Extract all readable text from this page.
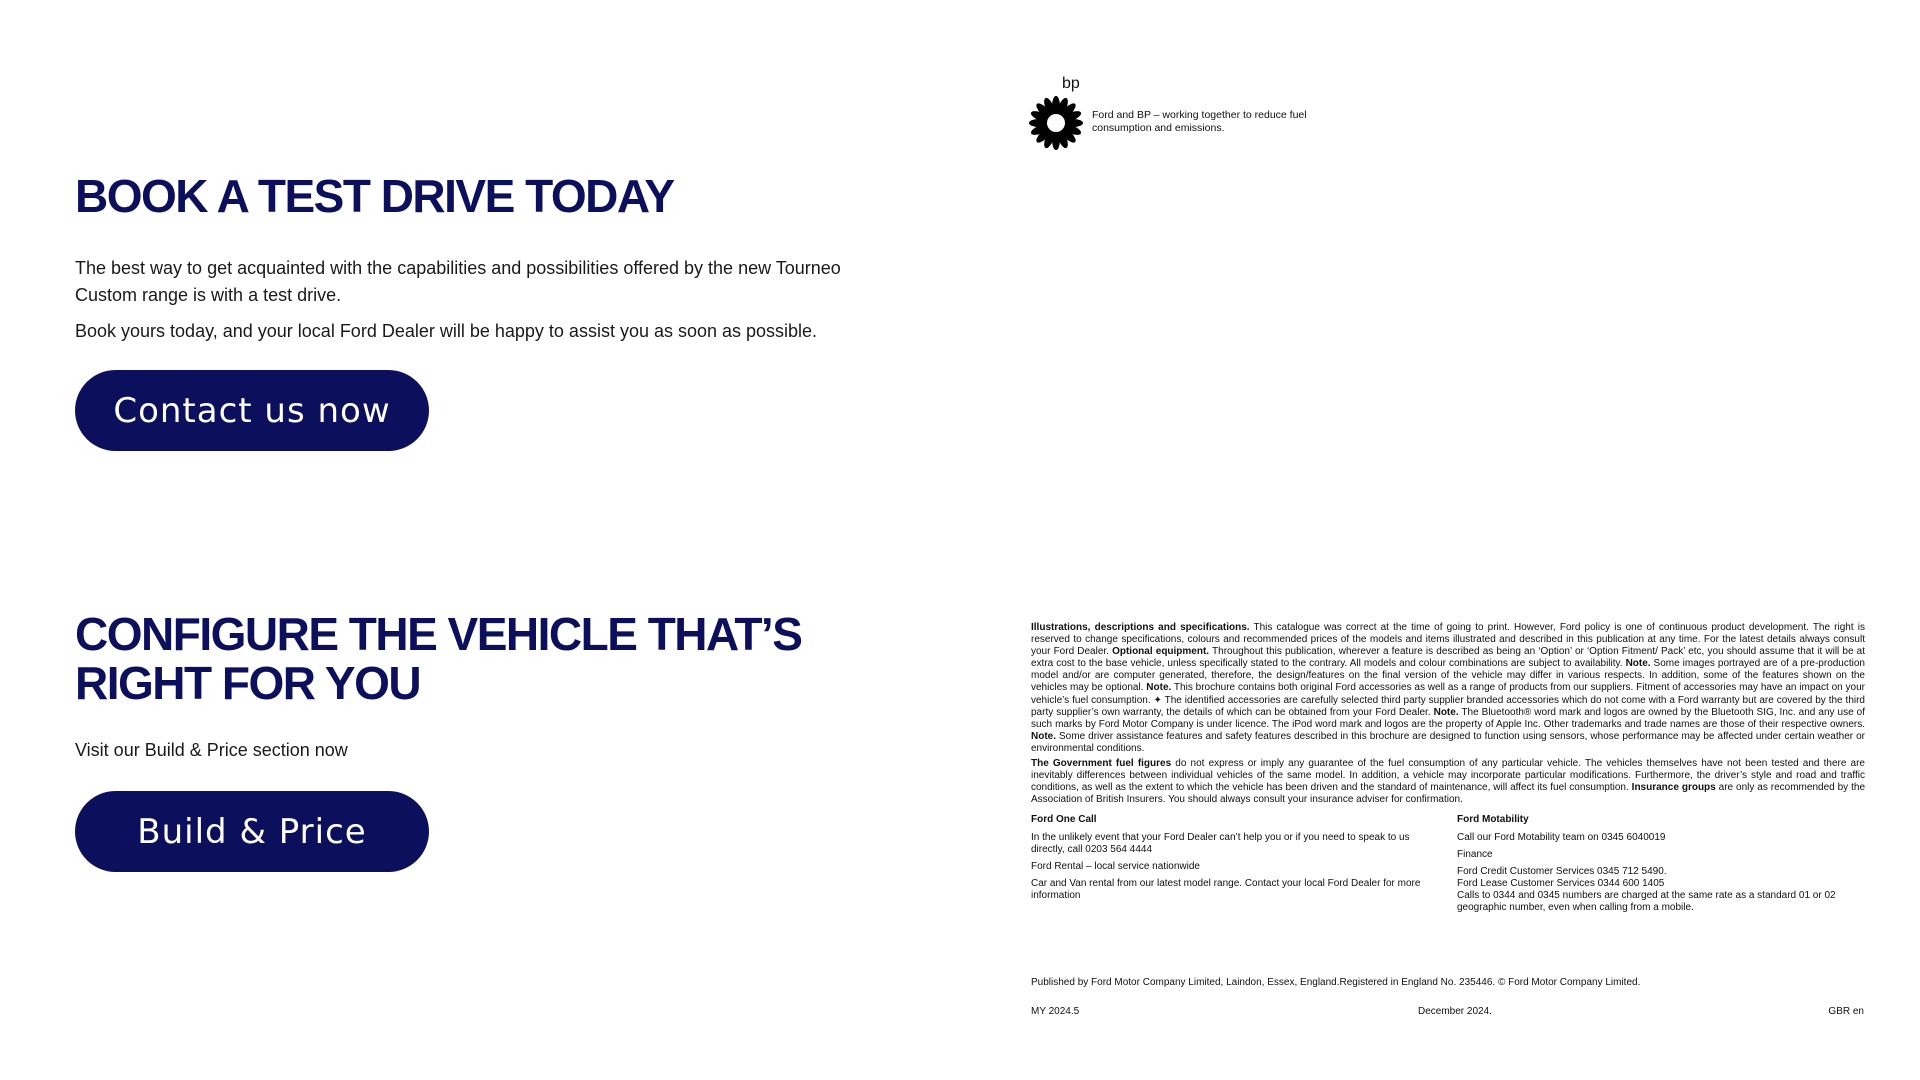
BOOK A TEST DRIVE TODAY

The best way to get acquainted with the capabilities and possibilities offered by the new Tourneo Custom range is with a test drive.

Book yours today, and your local Ford Dealer will be happy to assist you as soon as possible.

Contact us now
CONFIGURE THE VEHICLE THAT’S RIGHT FOR YOU

Visit our Build & Price section now

Build & Price
bp
Ford and BP – working together to reduce fuel consumption and emissions.

Illustrations, descriptions and specifications. This catalogue was correct at the time of going to print. However, Ford policy is one of continuous product development. The right is reserved to change specifications, colours and recommended prices of the models and items illustrated and described in this publication at any time. For the latest details always consult your Ford Dealer. Optional equipment. Throughout this publication, wherever a feature is described as being an ‘Option’ or ‘Option Fitment/ Pack’ etc, you should assume that it will be at extra cost to the base vehicle, unless specifically stated to the contrary. All models and colour combinations are subject to availability. Note. Some images portrayed are of a pre-production model and/or are computer generated, therefore, the design/features on the final version of the vehicle may differ in various respects. In addition, some of the features shown on the vehicles may be optional. Note. This brochure contains both original Ford accessories as well as a range of products from our suppliers. Fitment of accessories may have an impact on your vehicle’s fuel consumption. ✦ The identified accessories are carefully selected third party supplier branded accessories which do not come with a Ford warranty but are covered by the third party supplier’s own warranty, the details of which can be obtained from your Ford Dealer. Note. The Bluetooth® word mark and logos are owned by the Bluetooth SIG, Inc. and any use of such marks by Ford Motor Company is under licence. The iPod word mark and logos are the property of Apple Inc. Other trademarks and trade names are those of their respective owners. Note. Some driver assistance features and safety features described in this brochure are designed to function using sensors, whose performance may be affected under certain weather or environmental conditions.

The Government fuel figures do not express or imply any guarantee of the fuel consumption of any particular vehicle. The vehicles themselves have not been tested and there are inevitably differences between individual vehicles of the same model. In addition, a vehicle may incorporate particular modifications. Furthermore, the driver’s style and road and traffic conditions, as well as the extent to which the vehicle has been driven and the standard of maintenance, will affect its fuel consumption. Insurance groups are only as recommended by the Association of British Insurers. You should always consult your insurance adviser for confirmation.

Ford One Call
In the unlikely event that your Ford Dealer can’t help you or if you need to speak to us directly, call 0203 564 4444
Ford Rental – local service nationwide
Car and Van rental from our latest model range. Contact your local Ford Dealer for more information
Ford Motability
Call our Ford Motability team on 0345 6040019
Finance
Ford Credit Customer Services 0345 712 5490.
Ford Lease Customer Services 0344 600 1405
Calls to 0344 and 0345 numbers are charged at the same rate as a standard 01 or 02 geographic number, even when calling from a mobile.
Published by Ford Motor Company Limited, Laindon, Essex, England.Registered in England No. 235446. © Ford Motor Company Limited.
MY 2024.5	December 2024.	GBR en
